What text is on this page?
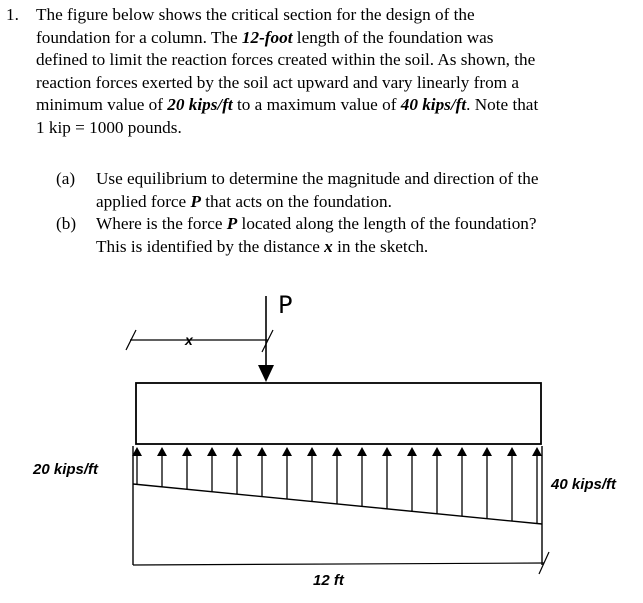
1. The figure below shows the critical section for the design of the
foundation for a column. The 12-foot length of the foundation was
defined to limit the reaction forces created within the soil. As shown, the
reaction forces exerted by the soil act upward and vary linearly from a
minimum value of 20 kips/ft to a maximum value of 40 kips/ft. Note that
1 kip = 1000 pounds.
(a)	Use equilibrium to determine the magnitude and direction of the
applied force P that acts on the foundation.
(b)	Where is the force P located along the length of the foundation?
This is identified by the distance x in the sketch.
x
P
20 kips/ft
40 kips/ft
12 ft
